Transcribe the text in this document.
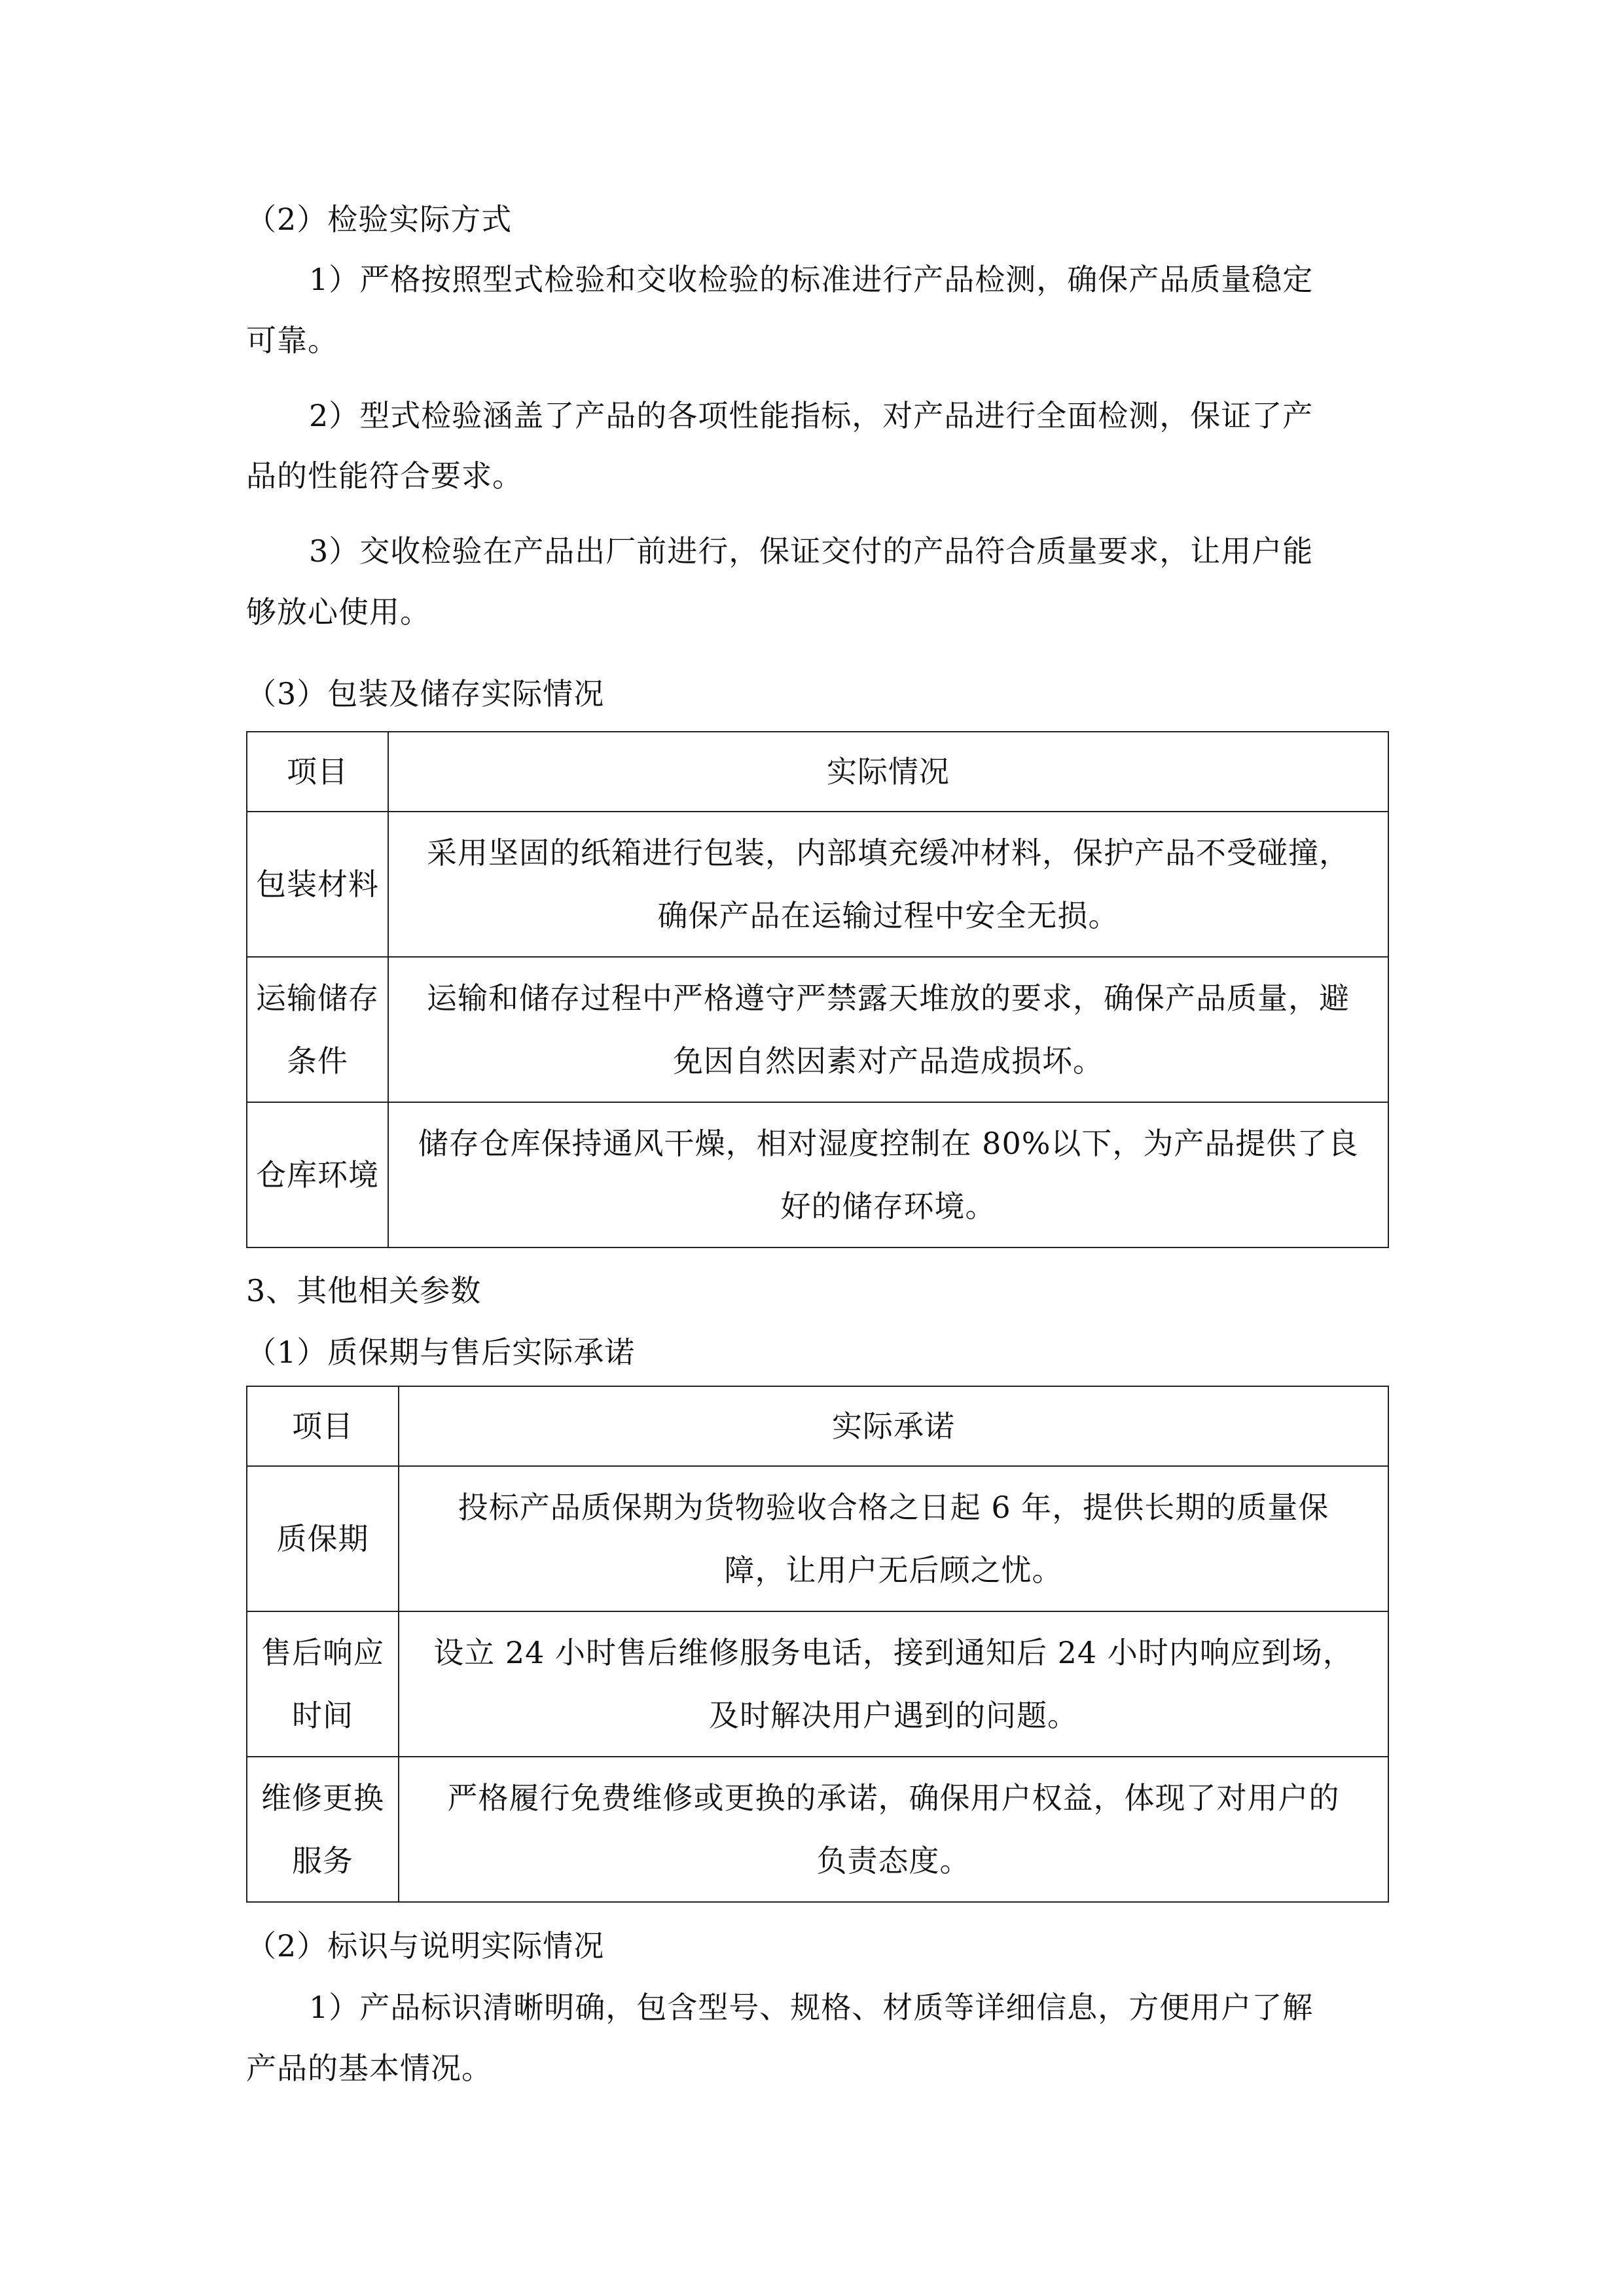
（2）检验实际方式
1）严格按照型式检验和交收检验的标准进行产品检测，确保产品质量稳定
可靠。
2）型式检验涵盖了产品的各项性能指标，对产品进行全面检测，保证了产
品的性能符合要求。
3）交收检验在产品出厂前进行，保证交付的产品符合质量要求，让用户能
够放心使用。
（3）包装及储存实际情况
项目	实际情况

包装材料	采用坚固的纸箱进行包装，内部填充缓冲材料，保护产品不受碰撞，
确保产品在运输过程中安全无损。

运输储存
条件	运输和储存过程中严格遵守严禁露天堆放的要求，确保产品质量，避
免因自然因素对产品造成损坏。

仓库环境	储存仓库保持通风干燥，相对湿度控制在 80%以下，为产品提供了良
好的储存环境。
3、其他相关参数
（1）质保期与售后实际承诺
项目	实际承诺

质保期	投标产品质保期为货物验收合格之日起 6 年，提供长期的质量保
障，让用户无后顾之忧。

售后响应
时间	设立 24 小时售后维修服务电话，接到通知后 24 小时内响应到场，
及时解决用户遇到的问题。

维修更换
服务	严格履行免费维修或更换的承诺，确保用户权益，体现了对用户的
负责态度。
（2）标识与说明实际情况
1）产品标识清晰明确，包含型号、规格、材质等详细信息，方便用户了解
产品的基本情况。
